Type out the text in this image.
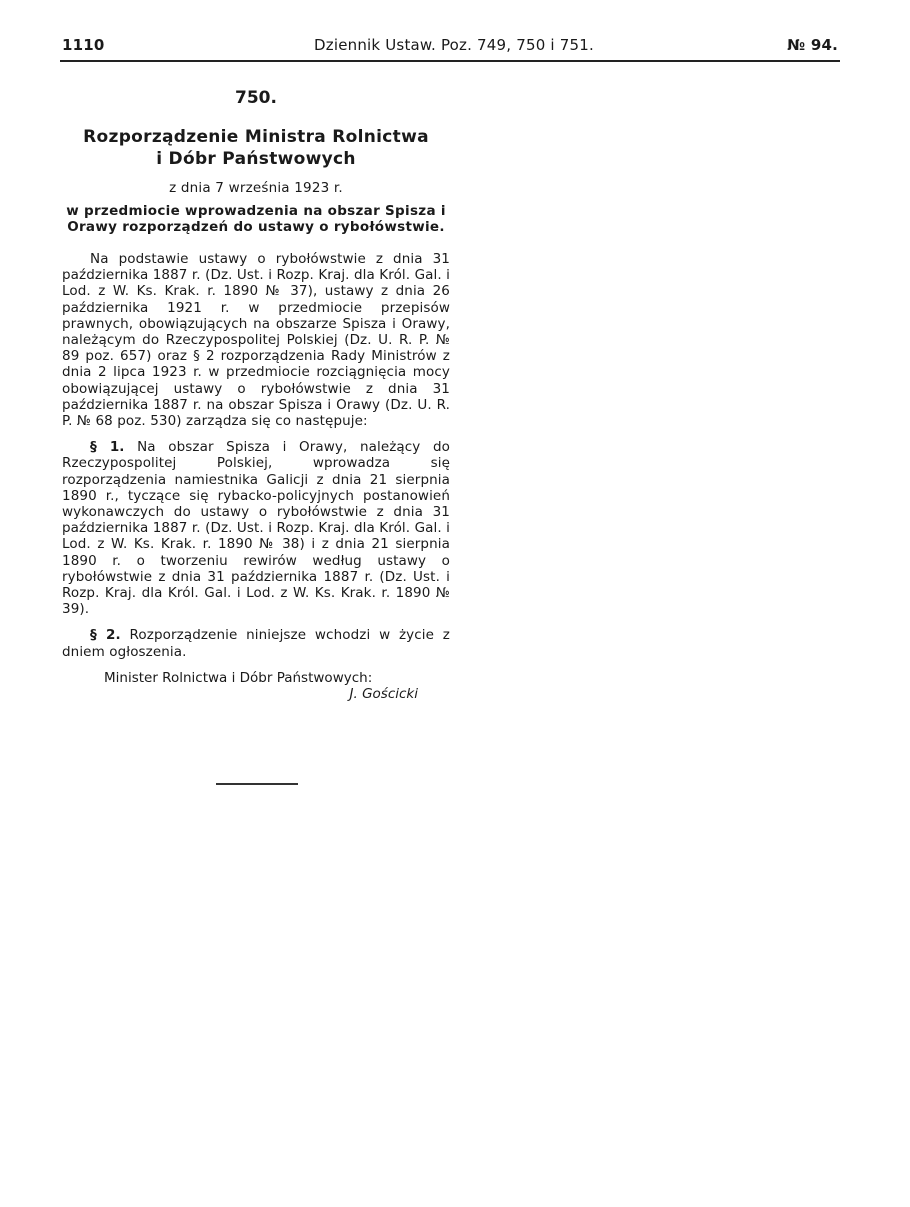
1110	Dziennik Ustaw. Poz. 749, 750 i 751.	№ 94.

750.

Rozporządzenie Ministra Rolnictwa

i Dóbr Państwowych

z dnia 7 września 1923 r.

w przedmiocie wprowadzenia na obszar Spisza i Orawy rozporządzeń do ustawy o rybołówstwie.

Na podstawie ustawy o rybołówstwie z dnia 31 października 1887 r. (Dz. Ust. i Rozp. Kraj. dla Król. Gal. i Lod. z W. Ks. Krak. r. 1890 № 37), ustawy z dnia 26 października 1921 r. w przedmiocie przepisów prawnych, obowiązujących na obszarze Spisza i Orawy, należącym do Rzeczypospolitej Polskiej (Dz. U. R. P. № 89 poz. 657) oraz § 2 rozporządzenia Rady Ministrów z dnia 2 lipca 1923 r. w przedmiocie rozciągnięcia mocy obowiązującej ustawy o rybołówstwie z dnia 31 października 1887 r. na obszar Spisza i Orawy (Dz. U. R. P. № 68 poz. 530) zarządza się co następuje:

§ 1. Na obszar Spisza i Orawy, należący do Rzeczypospolitej Polskiej, wprowadza się rozporządzenia namiestnika Galicji z dnia 21 sierpnia 1890 r., tyczące się rybacko-policyjnych postanowień wykonawczych do ustawy o rybołówstwie z dnia 31 października 1887 r. (Dz. Ust. i Rozp. Kraj. dla Król. Gal. i Lod. z W. Ks. Krak. r. 1890 № 38) i z dnia 21 sierpnia 1890 r. o tworzeniu rewirów według ustawy o rybołówstwie z dnia 31 października 1887 r. (Dz. Ust. i Rozp. Kraj. dla Król. Gal. i Lod. z W. Ks. Krak. r. 1890 № 39).

§ 2. Rozporządzenie niniejsze wchodzi w życie z dniem ogłoszenia.

Minister Rolnictwa i Dóbr Państwowych:

J. Gościcki
